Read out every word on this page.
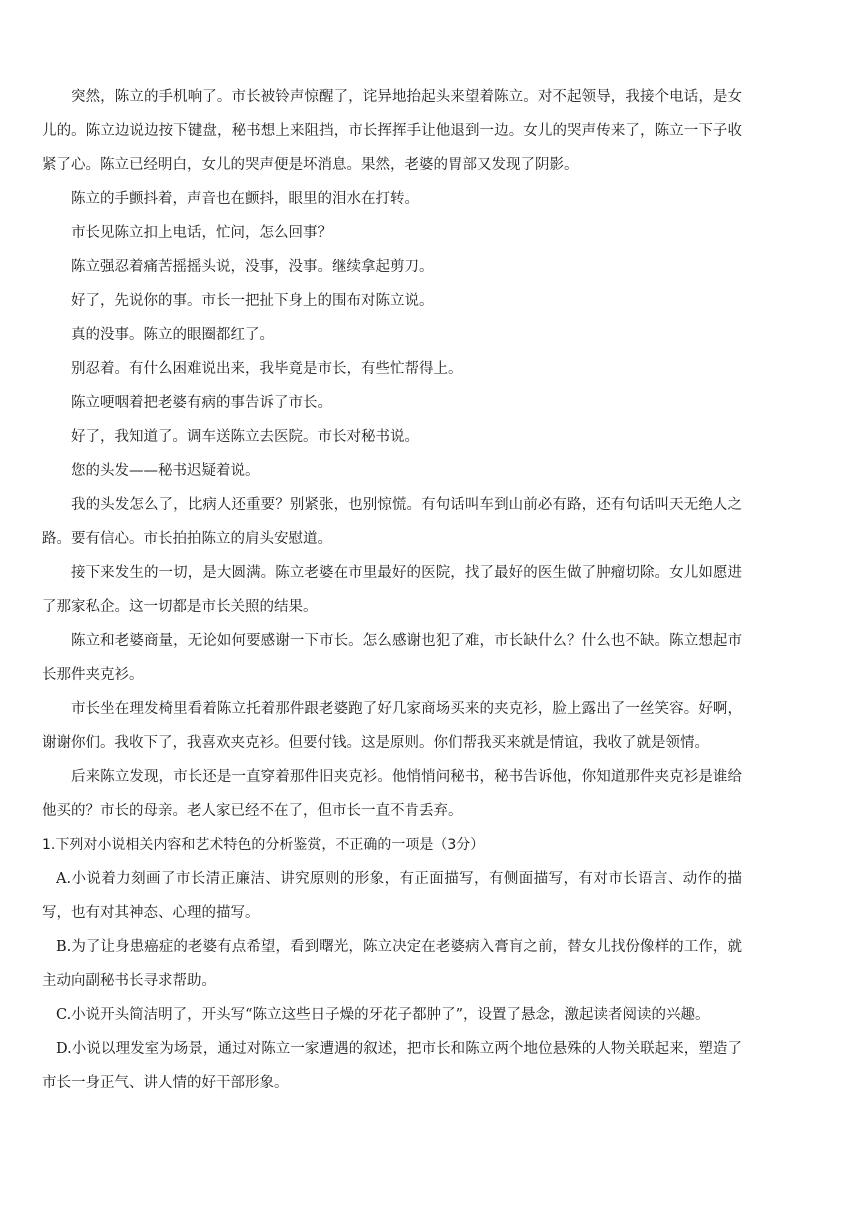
突然，陈立的手机响了。市长被铃声惊醒了，诧异地抬起头来望着陈立。对不起领导，我接个电话，是女儿的。陈立边说边按下键盘，秘书想上来阻挡，市长挥挥手让他退到一边。女儿的哭声传来了，陈立一下子收紧了心。陈立已经明白，女儿的哭声便是坏消息。果然，老婆的胃部又发现了阴影。

陈立的手颤抖着，声音也在颤抖，眼里的泪水在打转。

市长见陈立扣上电话，忙问，怎么回事？

陈立强忍着痛苦摇摇头说，没事，没事。继续拿起剪刀。

好了，先说你的事。市长一把扯下身上的围布对陈立说。

真的没事。陈立的眼圈都红了。

别忍着。有什么困难说出来，我毕竟是市长，有些忙帮得上。

陈立哽咽着把老婆有病的事告诉了市长。

好了，我知道了。调车送陈立去医院。市长对秘书说。

您的头发——秘书迟疑着说。

我的头发怎么了，比病人还重要？别紧张，也别惊慌。有句话叫车到山前必有路，还有句话叫天无绝人之路。要有信心。市长拍拍陈立的肩头安慰道。

接下来发生的一切，是大圆满。陈立老婆在市里最好的医院，找了最好的医生做了肿瘤切除。女儿如愿进了那家私企。这一切都是市长关照的结果。

陈立和老婆商量，无论如何要感谢一下市长。怎么感谢也犯了难，市长缺什么？什么也不缺。陈立想起市长那件夹克衫。

市长坐在理发椅里看着陈立托着那件跟老婆跑了好几家商场买来的夹克衫，脸上露出了一丝笑容。好啊，谢谢你们。我收下了，我喜欢夹克衫。但要付钱。这是原则。你们帮我买来就是情谊，我收了就是领情。

后来陈立发现，市长还是一直穿着那件旧夹克衫。他悄悄问秘书，秘书告诉他，你知道那件夹克衫是谁给他买的？市长的母亲。老人家已经不在了，但市长一直不肯丢弃。

1.下列对小说相关内容和艺术特色的分析鉴赏，不正确的一项是（3分）

A.小说着力刻画了市长清正廉洁、讲究原则的形象，有正面描写，有侧面描写，有对市长语言、动作的描写，也有对其神态、心理的描写。

B.为了让身患癌症的老婆有点希望，看到曙光，陈立决定在老婆病入膏肓之前，替女儿找份像样的工作，就主动向副秘书长寻求帮助。

C.小说开头简洁明了，开头写“陈立这些日子燥的牙花子都肿了”，设置了悬念，激起读者阅读的兴趣。

D.小说以理发室为场景，通过对陈立一家遭遇的叙述，把市长和陈立两个地位悬殊的人物关联起来，塑造了市长一身正气、讲人情的好干部形象。
